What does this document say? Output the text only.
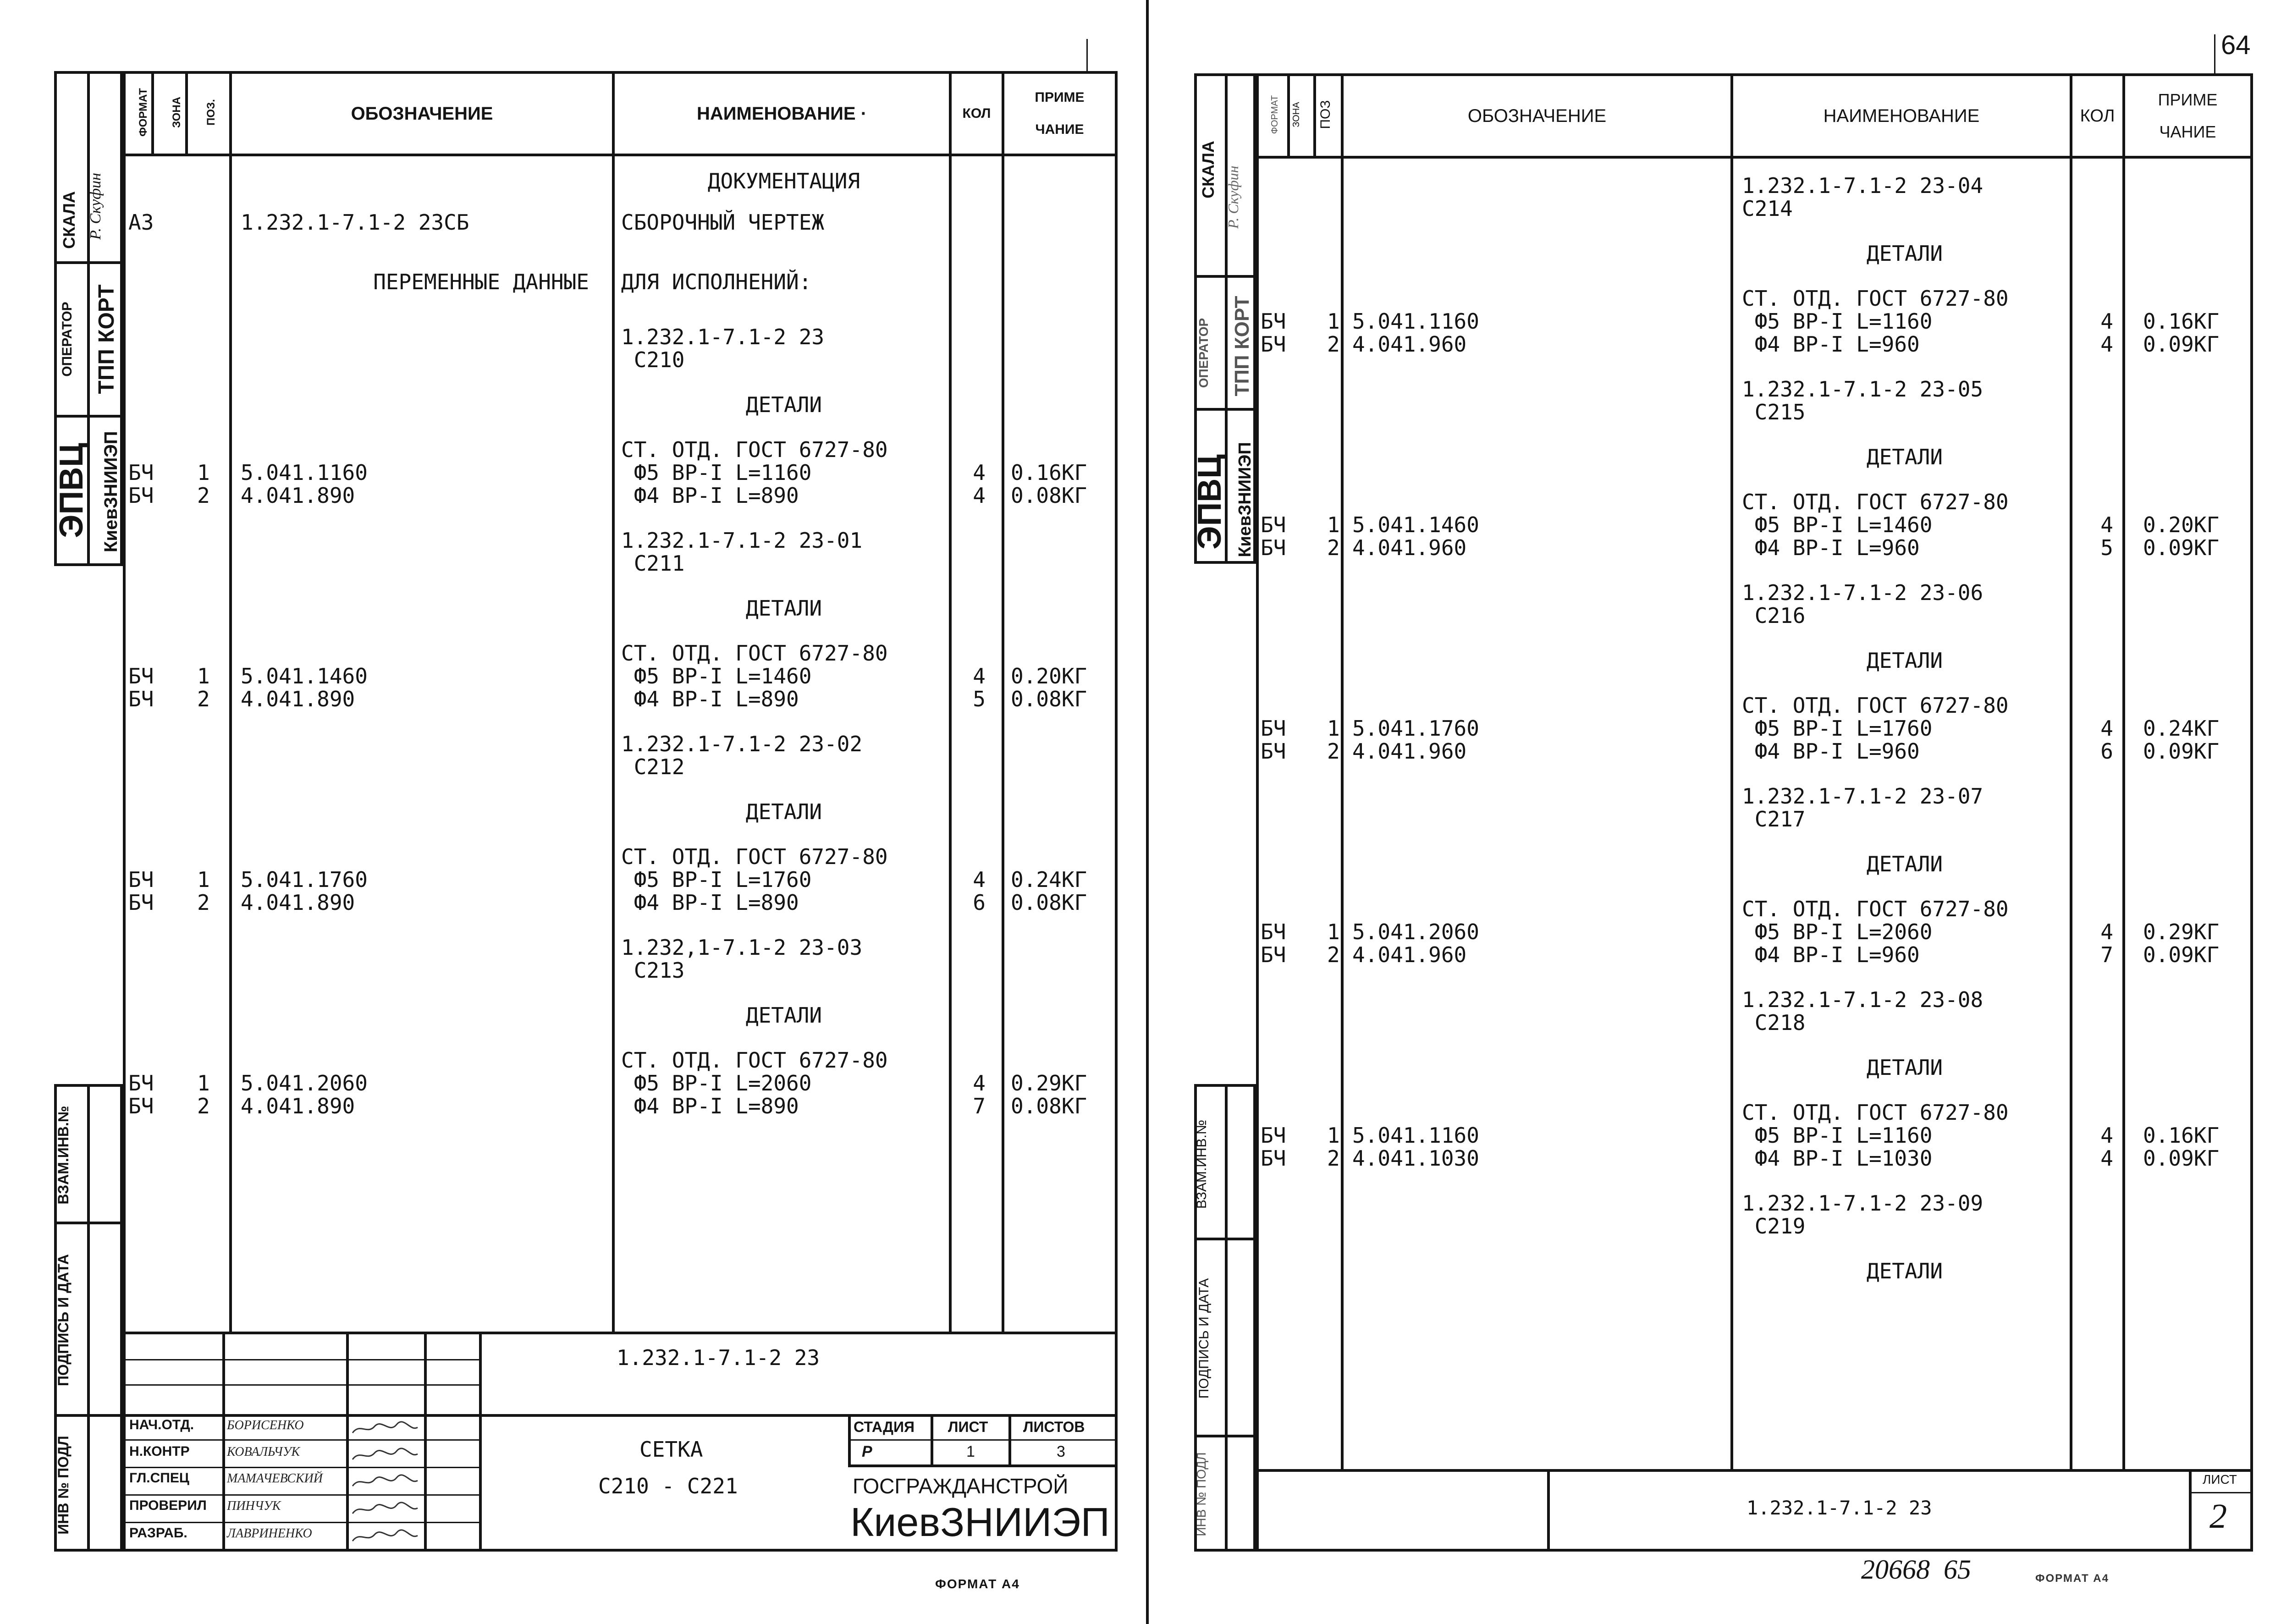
СКАЛА Р. Скуфин
ОПЕРАТОР ТПП КОРТ
ЭПВЦ КиевЗНИИЭП
ВЗАМ.ИНВ.№
ПОДПИСЬ И ДАТА
ИНВ № ПОДЛ
ФОРМАТ	ЗОНА	ПОЗ.	ОБОЗНАЧЕНИЕ	НАИМЕНОВАНИЕ ·	КОЛ
ПРИМЕ ЧАНИЕ
ДОКУМЕНТАЦИЯ
А3	1.232.1-7.1-2 23СБ	СБОРОЧНЫЙ ЧЕРТЕЖ
ПЕРЕМЕННЫЕ ДАННЫЕ ДЛЯ ИСПОЛНЕНИЙ:
1.232.1-7.1-2 23
С210
ДЕТАЛИ
СТ. ОТД. ГОСТ 6727-80
БЧ 1 5.041.1160	Ф5 ВР-I L=1160	4 0.16КГ
БЧ 2 4.041.890	Ф4 ВР-I L=890	4 0.08КГ
1.232.1-7.1-2 23-01
С211
ДЕТАЛИ
СТ. ОТД. ГОСТ 6727-80
БЧ 1 5.041.1460	Ф5 ВР-I L=1460	4 0.20КГ
БЧ 2 4.041.890	Ф4 ВР-I L=890	5 0.08КГ
1.232.1-7.1-2 23-02
С212
ДЕТАЛИ
СТ. ОТД. ГОСТ 6727-80
БЧ 1 5.041.1760	Ф5 ВР-I L=1760	4 0.24КГ
БЧ 2 4.041.890	Ф4 ВР-I L=890	6 0.08КГ
1.232,1-7.1-2 23-03
С213
ДЕТАЛИ
СТ. ОТД. ГОСТ 6727-80
БЧ 1 5.041.2060	Ф5 ВР-I L=2060	4 0.29КГ
БЧ 2 4.041.890	Ф4 ВР-I L=890	7 0.08КГ
1.232.1-7.1-2 23
НАЧ.ОТД.	БОРИСЕНКО
Н.КОНТР	КОВАЛЬЧУК
ГЛ.СПЕЦ	МАМАЧЕВСКИЙ
ПРОВЕРИЛ ПИНЧУК
РАЗРАБ.	ЛАВРИНЕНКО
СЕТКА
С210 - С221
СТАДИЯ ЛИСТ ЛИСТОВ
Р	1	3
ГОСГРАЖДАНСТРОЙ
КиевЗНИИЭП
ФОРМАТ А4
64
СКАЛА Р. Скуфин
ОПЕРАТОР	ТПП КОРТ
ЭПВЦ КиевЗНИИЭП
ВЗАМ.ИНВ.№
ПОДПИСЬ И ДАТА
ИНВ № ПОДЛ
ФОРМАТ	ЗОНА	ПОЗ	ОБОЗНАЧЕНИЕ	НАИМЕНОВАНИЕ	КОЛ
ПРИМЕ ЧАНИЕ
1.232.1-7.1-2 23-04
С214
ДЕТАЛИ
СТ. ОТД. ГОСТ 6727-80
БЧ 1 5.041.1160	Ф5 ВР-I L=1160	4 0.16КГ
БЧ 2 4.041.960	Ф4 ВР-I L=960	4 0.09КГ
1.232.1-7.1-2 23-05
С215
ДЕТАЛИ
СТ. ОТД. ГОСТ 6727-80
БЧ 1 5.041.1460	Ф5 ВР-I L=1460	4 0.20КГ
БЧ 2 4.041.960	Ф4 ВР-I L=960	5 0.09КГ
1.232.1-7.1-2 23-06
С216
ДЕТАЛИ
СТ. ОТД. ГОСТ 6727-80
БЧ 1 5.041.1760	Ф5 ВР-I L=1760	4 0.24КГ
БЧ 2 4.041.960	Ф4 ВР-I L=960	6 0.09КГ
1.232.1-7.1-2 23-07
С217
ДЕТАЛИ
СТ. ОТД. ГОСТ 6727-80
БЧ 1 5.041.2060	Ф5 ВР-I L=2060	4 0.29КГ
БЧ 2 4.041.960	Ф4 ВР-I L=960	7 0.09КГ
1.232.1-7.1-2 23-08
С218
ДЕТАЛИ
СТ. ОТД. ГОСТ 6727-80
БЧ 1 5.041.1160	Ф5 ВР-I L=1160	4 0.16КГ
БЧ 2 4.041.1030	Ф4 ВР-I L=1030	4 0.09КГ
1.232.1-7.1-2 23-09
С219
ДЕТАЛИ
1.232.1-7.1-2 23
ЛИСТ
2
20668  65	ФОРМАТ А4
